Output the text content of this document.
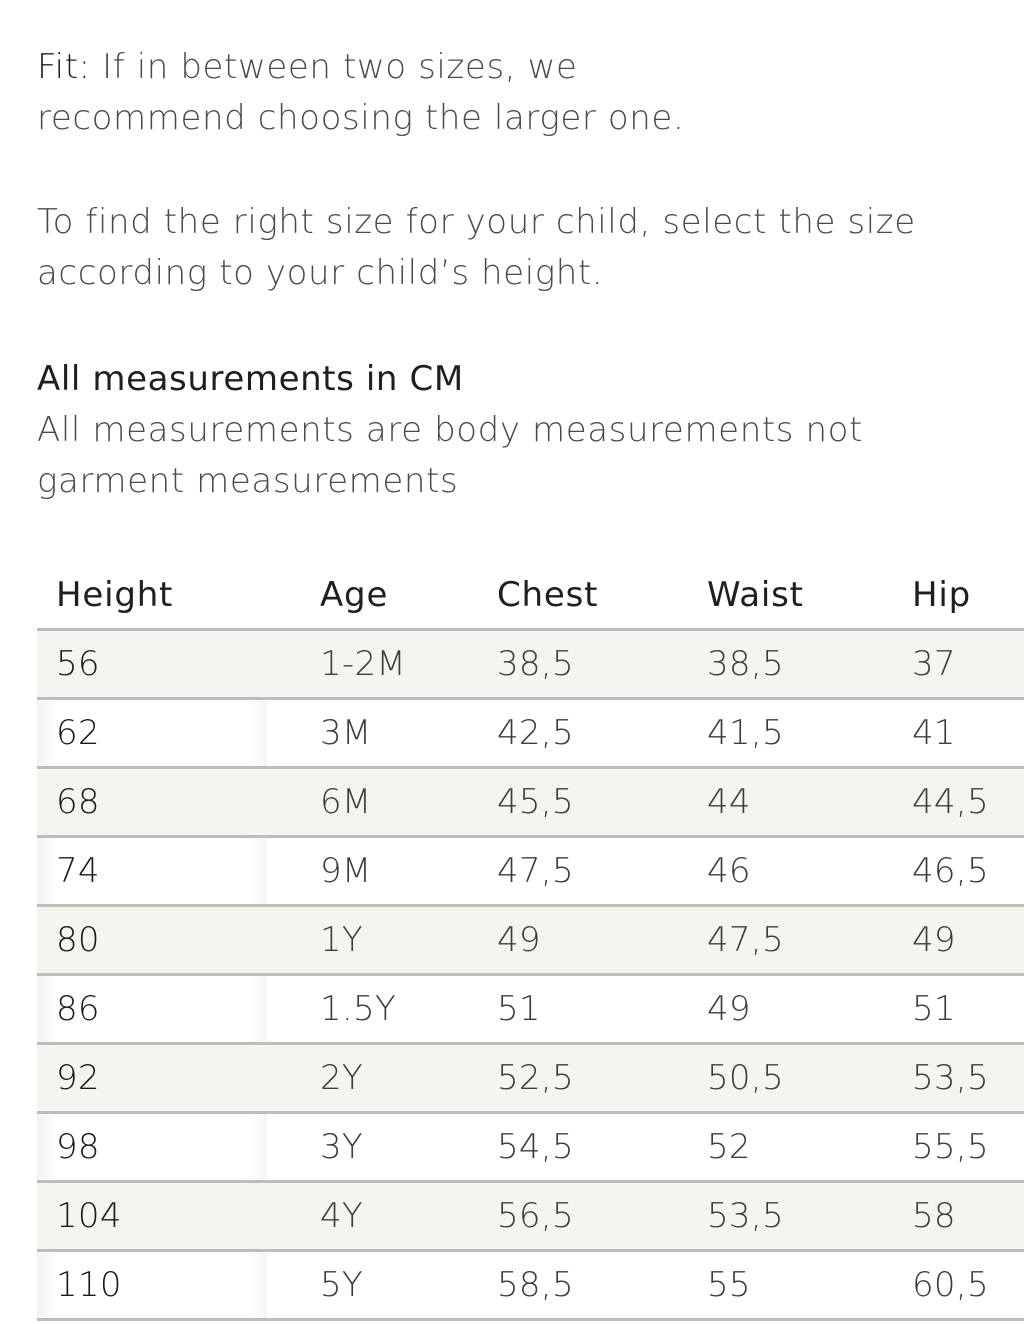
Fit: If in between two sizes, we
recommend choosing the larger one.

To find the right size for your child, select the size
according to your child’s height.

All measurements in CM

All measurements are body measurements not
garment measurements

Height	Age	Chest	Waist	Hip
56	1-2M	38,5	38,5	37
62	3M	42,5	41,5	41
68	6M	45,5	44	44,5
74	9M	47,5	46	46,5
80	1Y	49	47,5	49
86	1.5Y	51	49	51
92	2Y	52,5	50,5	53,5
98	3Y	54,5	52	55,5
104	4Y	56,5	53,5	58
110	5Y	58,5	55	60,5
